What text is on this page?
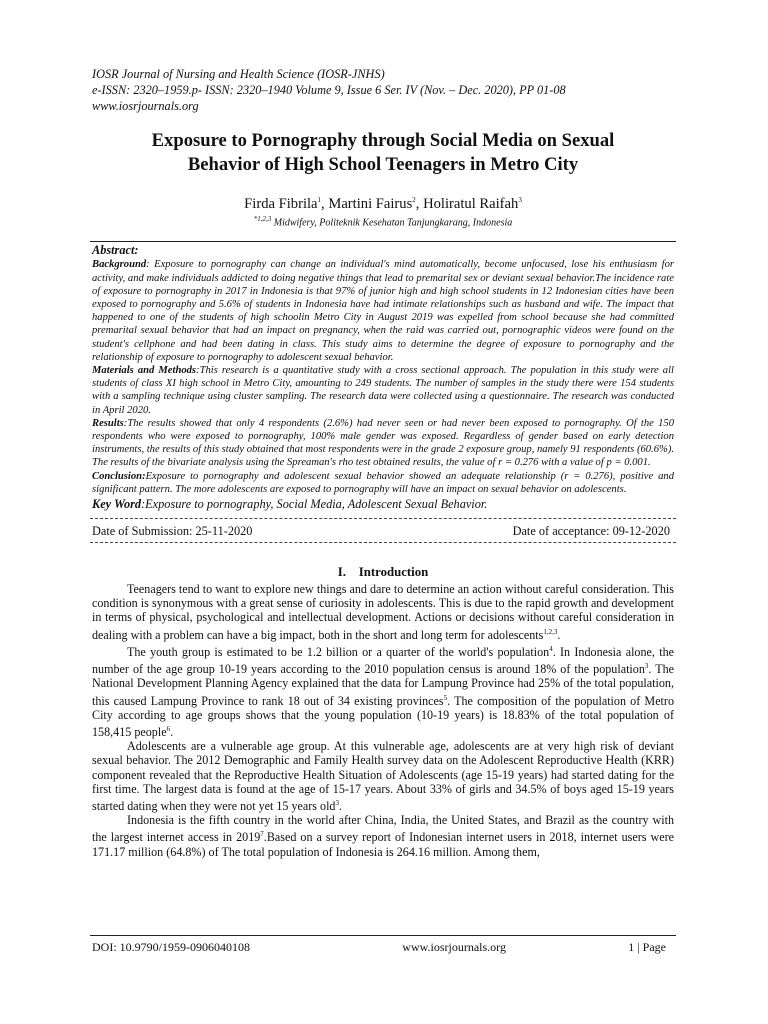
IOSR Journal of Nursing and Health Science (IOSR-JNHS)
e-ISSN: 2320–1959.p- ISSN: 2320–1940 Volume 9, Issue 6 Ser. IV (Nov. – Dec. 2020), PP 01-08
www.iosrjournals.org
Exposure to Pornography through Social Media on Sexual
Behavior of High School Teenagers in Metro City
Firda Fibrila$^1$, Martini Fairus$^2$, Holiratul Raifah$^3$
$^{*1,2,3}$ Midwifery, Politeknik Kesehatan Tanjungkarang, Indonesia
Abstract:

Background: Exposure to pornography can change an individual's mind automatically, become unfocused, lose his enthusiasm for activity, and make individuals addicted to doing negative things that lead to premarital sex or deviant sexual behavior.The incidence rate of exposure to pornography in 2017 in Indonesia is that 97% of junior high and high school students in 12 Indonesian cities have been exposed to pornography and 5.6% of students in Indonesia have had intimate relationships such as husband and wife. The impact that happened to one of the students of high schoolin Metro City in August 2019 was expelled from school because she had committed premarital sexual behavior that had an impact on pregnancy, when the raid was carried out, pornographic videos were found on the student's cellphone and had been dating in class. This study aims to determine the degree of exposure to pornography and the relationship of exposure to pornography to adolescent sexual behavior.

Materials and Methods:This research is a quantitative study with a cross sectional approach. The population in this study were all students of class XI high school in Metro City, amounting to 249 students. The number of samples in the study there were 154 students with a sampling technique using cluster sampling. The research data were collected using a questionnaire. The research was conducted in April 2020.

Results:The results showed that only 4 respondents (2.6%) had never seen or had never been exposed to pornography. Of the 150 respondents who were exposed to pornography, 100% male gender was exposed. Regardless of gender based on early detection instruments, the results of this study obtained that most respondents were in the grade 2 exposure group, namely 91 respondents (60.6%). The results of the bivariate analysis using the Spreaman's rho test obtained results, the value of r = 0.276 with a value of p = 0.001.

Conclusion:Exposure to pornography and adolescent sexual behavior showed an adequate relationship (r = 0.276), positive and significant pattern. The more adolescents are exposed to pornography will have an impact on sexual behavior on adolescents.

Key Word:Exposure to pornography, Social Media, Adolescent Sexual Behavior.
Date of Submission: 25-11-2020	Date of acceptance: 09-12-2020
I.    Introduction

Teenagers tend to want to explore new things and dare to determine an action without careful consideration. This condition is synonymous with a great sense of curiosity in adolescents. This is due to the rapid growth and development in terms of physical, psychological and intellectual development. Actions or decisions without careful consideration in dealing with a problem can have a big impact, both in the short and long term for adolescents$^{1,2,3}$.

The youth group is estimated to be 1.2 billion or a quarter of the world's population$^4$. In Indonesia alone, the number of the age group 10-19 years according to the 2010 population census is around 18% of the population$^3$. The National Development Planning Agency explained that the data for Lampung Province had 25% of the total population, this caused Lampung Province to rank 18 out of 34 existing provinces$^5$. The composition of the population of Metro City according to age groups shows that the young population (10-19 years) is 18.83% of the total population of 158,415 people$^6$.

Adolescents are a vulnerable age group. At this vulnerable age, adolescents are at very high risk of deviant sexual behavior. The 2012 Demographic and Family Health survey data on the Adolescent Reproductive Health (KRR) component revealed that the Reproductive Health Situation of Adolescents (age 15-19 years) had started dating for the first time. The largest data is found at the age of 15-17 years. About 33% of girls and 34.5% of boys aged 15-19 years started dating when they were not yet 15 years old$^3$.

Indonesia is the fifth country in the world after China, India, the United States, and Brazil as the country with the largest internet access in 2019$^7$.Based on a survey report of Indonesian internet users in 2018, internet users were 171.17 million (64.8%) of The total population of Indonesia is 264.16 million. Among them,

DOI: 10.9790/1959-0906040108	www.iosrjournals.org	1 | Page
